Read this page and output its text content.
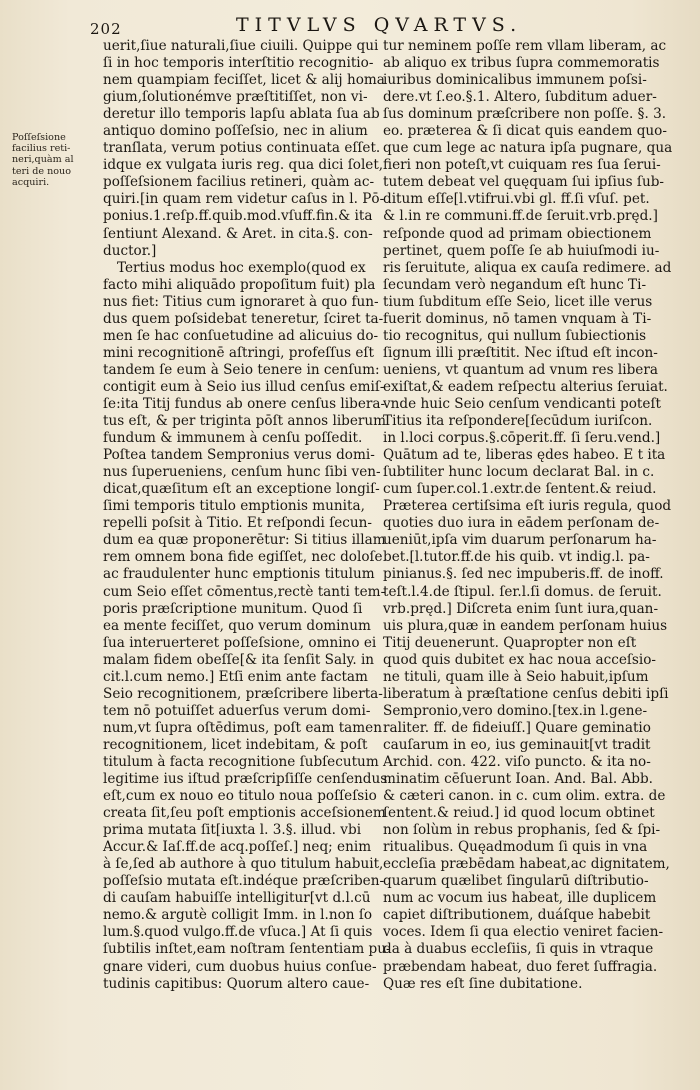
202	TITVLVS QVARTVS.
Poſſeſsione
facilius reti-
neri,quàm al
teri de nouo
acquiri.
uerit,ſiue naturali,ſiue ciuili. Quippe qui
ſi in hoc temporis interſtitio recognitio-
nem quampiam feciſſet, licet & alij homa
gium,ſolutionémve præſtitiſſet, non vi-
deretur illo temporis lapſu ablata ſua ab
antiquo domino poſſeſsio, nec in alium
tranſlata, verum potius continuata eſſet.
idque ex vulgata iuris reg. qua dici ſolet,
poſſeſsionem facilius retineri, quàm ac-
quiri.[in quam rem videtur caſus in l. Pō-
ponius.1.reſp.ff.quib.mod.vſuff.fin.& ita
ſentiunt Alexand. & Aret. in cita.§. con-
ductor.]
Tertius modus hoc exemplo(quod ex
facto mihi aliquādo propoſitum fuit) pla
nus fiet: Titius cum ignoraret à quo fun-
dus quem poſsidebat teneretur, ſciret ta-
men ſe hac conſuetudine ad alicuius do-
mini recognitionē aſtringi, profeſſus eſt
tandem ſe eum à Seio tenere in cenſum:
contigit eum à Seio ius illud cenſus emiſ-
ſe:ita Titij fundus ab onere cenſus libera-
tus eſt, & per triginta pōſt annos liberum
fundum & immunem à cenſu poſſedit.
Poſtea tandem Sempronius verus domi-
nus ſuperueniens, cenſum hunc ſibi ven-
dicat,quæſitum eſt an exceptione longiſ-
ſimi temporis titulo emptionis munita,
repelli poſsit à Titio. Et reſpondi ſecun-
dum ea quæ proponerētur: Si titius illam
rem omnem bona fide egiſſet, nec doloſe
ac fraudulenter hunc emptionis titulum
cum Seio eſſet cōmentus,rectè tanti tem-
poris præſcriptione munitum. Quod ſi
ea mente feciſſet, quo verum dominum
ſua interuerteret poſſeſsione, omnino ei
malam fidem obeſſe[& ita ſenſit Saly. in
cit.l.cum nemo.] Etſi enim ante factam
Seio recognitionem, præſcribere liberta-
tem nō potuiſſet aduerſus verum domi-
num,vt ſupra oſtēdimus, poſt eam tamen
recognitionem, licet indebitam, & poſt
titulum à facta recognitione ſubſecutum
legitime ius iſtud præſcripſiſſe cenſendus
eſt,cum ex nouo eo titulo noua poſſeſsio
creata ſit,ſeu poſt emptionis acceſsionem
prima mutata ſit[iuxta l. 3.§. illud. vbi
Accur.& Iaſ.ff.de acq.poſſeſ.] neq; enim
à ſe,ſed ab authore à quo titulum habuit,
poſſeſsio mutata eſt.indéque præſcriben-
di cauſam habuiſſe intelligitur[vt d.l.cū
nemo.& argutè colligit Imm. in l.non ſo
lum.§.quod vulgo.ff.de vſuca.] At ſi quis
ſubtilis inſtet,eam noſtram ſententiam pu-
gnare videri, cum duobus huius conſue-
tudinis capitibus: Quorum altero caue-
tur neminem poſſe rem vllam liberam, ac
ab aliquo ex tribus ſupra commemoratis
iuribus dominicalibus immunem poſsi-
dere.vt ſ.eo.§.1. Altero, ſubditum aduer-
ſus dominum præſcribere non poſſe. §. 3.
eo. præterea & ſi dicat quis eandem quo-
que cum lege ac natura ipſa pugnare, qua
fieri non poteſt,vt cuiquam res ſua ſerui-
tutem debeat vel quęquam ſui ipſius ſub-
ditum eſſe[l.vtifrui.vbi gl. ff.ſi vſuſ. pet.
& l.in re communi.ff.de ſeruit.vrb.pręd.]
reſponde quod ad primam obiectionem
pertinet, quem poſſe ſe ab huiuſmodi iu-
ris ſeruitute, aliqua ex cauſa redimere. ad
ſecundam verò negandum eſt hunc Ti-
tium ſubditum eſſe Seio, licet ille verus
fuerit dominus, nō tamen vnquam à Ti-
tio recognitus, qui nullum ſubiectionis
ſignum illi præſtitit. Nec iſtud eſt incon-
ueniens, vt quantum ad vnum res libera
exiſtat,& eadem reſpectu alterius ſeruiat.
vnde huic Seio cenſum vendicanti poteſt
Titius ita reſpondere[ſecūdum iuriſcon.
in l.loci corpus.§.cōperit.ff. ſi ſeru.vend.]
Quātum ad te, liberas ędes habeo. E t ita
ſubtiliter hunc locum declarat Bal. in c.
cum ſuper.col.1.extr.de ſentent.& reiud.
Præterea certiſsima eſt iuris regula, quod
quoties duo iura in eādem perſonam de-
ueniūt,ipſa vim duarum perſonarum ha-
bet.[l.tutor.ff.de his quib. vt indig.l. pa-
pinianus.§. ſed nec impuberis.ff. de inoff.
teſt.l.4.de ſtipul. ſer.l.ſi domus. de ſeruit.
vrb.pręd.] Diſcreta enim ſunt iura,quan-
uis plura,quæ in eandem perſonam huius
Titij deuenerunt. Quapropter non eſt
quod quis dubitet ex hac noua acceſsio-
ne tituli, quam ille à Seio habuit,ipſum
liberatum à præſtatione cenſus debiti ipſi
Sempronio,vero domino.[tex.in l.gene-
raliter. ff. de fideiuſſ.] Quare geminatio
cauſarum in eo, ius geminauit[vt tradit
Archid. con. 422. viſo puncto. & ita no-
minatim cēſuerunt Ioan. And. Bal. Abb.
& cæteri canon. in c. cum olim. extra. de
ſentent.& reiud.] id quod locum obtinet
non ſolùm in rebus prophanis, ſed & ſpi-
ritualibus. Quęadmodum ſi quis in vna
eccleſia præbēdam habeat,ac dignitatem,
quarum quælibet ſingularū diſtributio-
num ac vocum ius habeat, ille duplicem
capiet diſtributionem, duáſque habebit
voces. Idem ſi qua electio veniret facien-
da à duabus eccleſiis, ſi quis in vtraque
præbendam habeat, duo feret ſuffragia.
Quæ res eſt ſine dubitatione.
